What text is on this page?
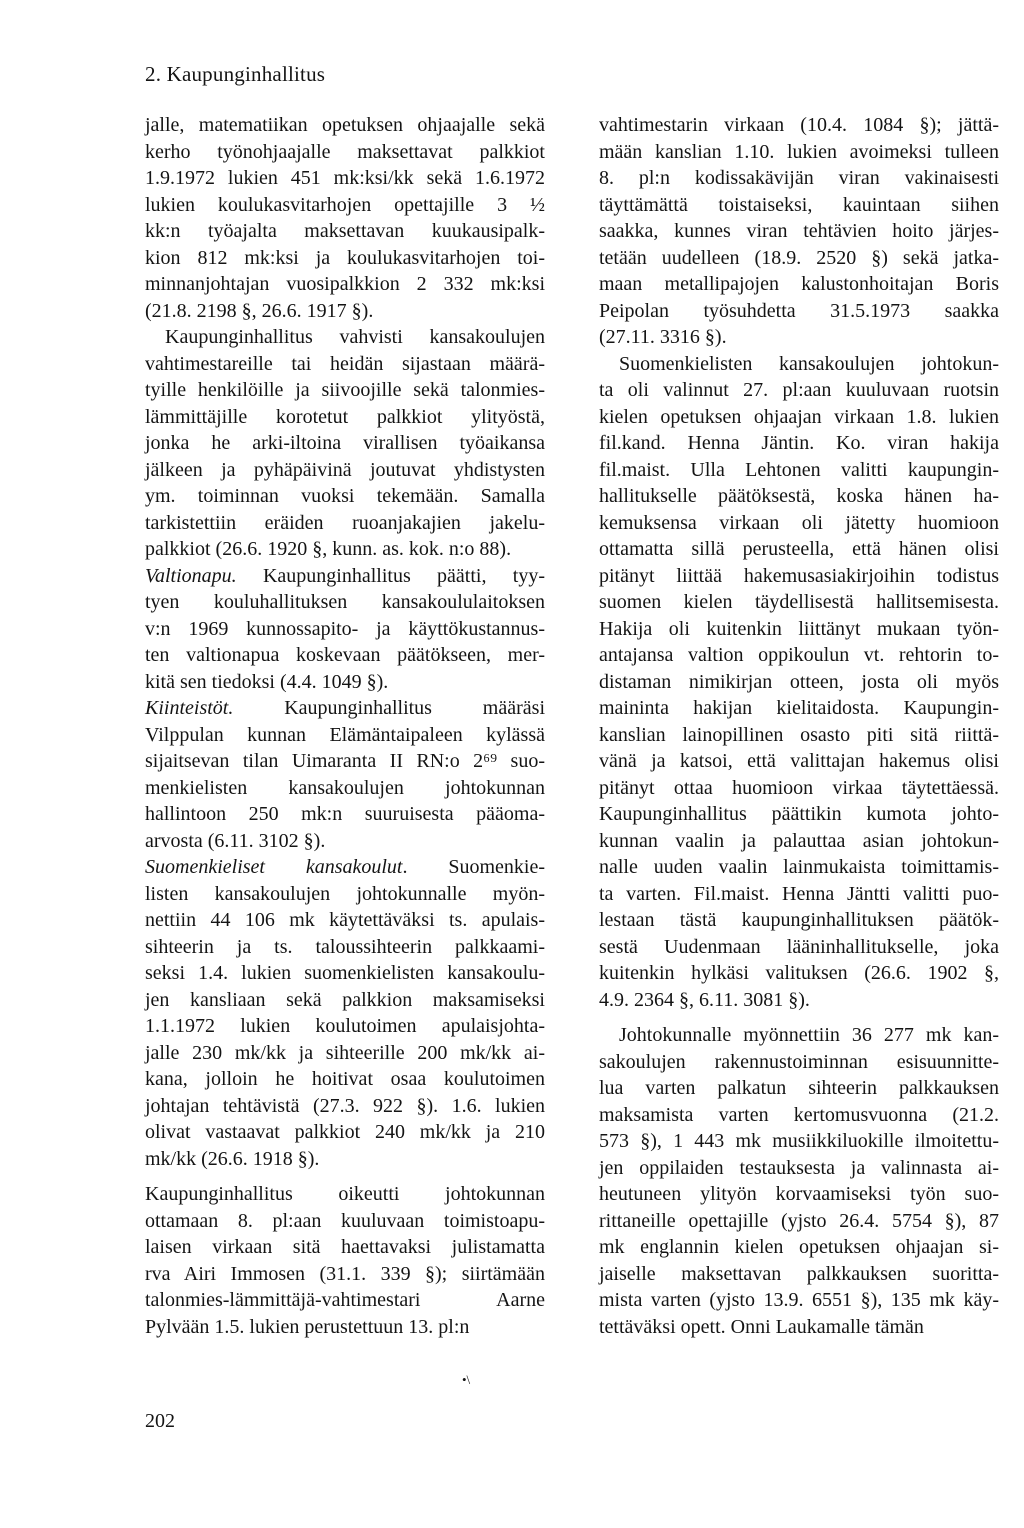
2. Kaupunginhallitus

jalle, matematiikan opetuksen ohjaajalle sekä
kerho työnohjaajalle maksettavat palkkiot
1.9.1972 lukien 451 mk:ksi/kk sekä 1.6.1972
lukien koulukasvitarhojen opettajille 3 ½
kk:n työajalta maksettavan kuukausipalk-
kion 812 mk:ksi ja koulukasvitarhojen toi-
minnanjohtajan vuosipalkkion 2 332 mk:ksi
(21.8. 2198 §, 26.6. 1917 §).

Kaupunginhallitus vahvisti kansakoulujen
vahtimestareille tai heidän sijastaan määrä-
tyille henkilöille ja siivoojille sekä talonmies-
lämmittäjille korotetut palkkiot ylityöstä,
jonka he arki-iltoina virallisen työaikansa
jälkeen ja pyhäpäivinä joutuvat yhdistysten
ym. toiminnan vuoksi tekemään. Samalla
tarkistettiin eräiden ruoanjakajien jakelu-
palkkiot (26.6. 1920 §, kunn. as. kok. n:o 88).

Valtionapu. Kaupunginhallitus päätti, tyy-
tyen kouluhallituksen kansakoululaitoksen
v:n 1969 kunnossapito- ja käyttökustannus-
ten valtionapua koskevaan päätökseen, mer-
kitä sen tiedoksi (4.4. 1049 §).

Kiinteistöt. Kaupunginhallitus määräsi
Vilppulan kunnan Elämäntaipaleen kylässä
sijaitsevan tilan Uimaranta II RN:o 2⁶⁹ suo-
menkielisten kansakoulujen johtokunnan
hallintoon 250 mk:n suuruisesta pääoma-
arvosta (6.11. 3102 §).

Suomenkieliset kansakoulut. Suomenkie-
listen kansakoulujen johtokunnalle myön-
nettiin 44 106 mk käytettäväksi ts. apulais-
sihteerin ja ts. taloussihteerin palkkaami-
seksi 1.4. lukien suomenkielisten kansakoulu-
jen kansliaan sekä palkkion maksamiseksi
1.1.1972 lukien koulutoimen apulaisjohta-
jalle 230 mk/kk ja sihteerille 200 mk/kk ai-
kana, jolloin he hoitivat osaa koulutoimen
johtajan tehtävistä (27.3. 922 §). 1.6. lukien
olivat vastaavat palkkiot 240 mk/kk ja 210
mk/kk (26.6. 1918 §).

Kaupunginhallitus oikeutti johtokunnan
ottamaan 8. pl:aan kuuluvaan toimistoapu-
laisen virkaan sitä haettavaksi julistamatta
rva Airi Immosen (31.1. 339 §); siirtämään
talonmies-lämmittäjä-vahtimestari Aarne
Pylvään 1.5. lukien perustettuun 13. pl:n

vahtimestarin virkaan (10.4. 1084 §); jättä-
mään kanslian 1.10. lukien avoimeksi tulleen
8. pl:n kodissakävijän viran vakinaisesti
täyttämättä toistaiseksi, kauintaan siihen
saakka, kunnes viran tehtävien hoito järjes-
tetään uudelleen (18.9. 2520 §) sekä jatka-
maan metallipajojen kalustonhoitajan Boris
Peipolan työsuhdetta 31.5.1973 saakka
(27.11. 3316 §).

Suomenkielisten kansakoulujen johtokun-
ta oli valinnut 27. pl:aan kuuluvaan ruotsin
kielen opetuksen ohjaajan virkaan 1.8. lukien
fil.kand. Henna Jäntin. Ko. viran hakija
fil.maist. Ulla Lehtonen valitti kaupungin-
hallitukselle päätöksestä, koska hänen ha-
kemuksensa virkaan oli jätetty huomioon
ottamatta sillä perusteella, että hänen olisi
pitänyt liittää hakemusasiakirjoihin todistus
suomen kielen täydellisestä hallitsemisesta.
Hakija oli kuitenkin liittänyt mukaan työn-
antajansa valtion oppikoulun vt. rehtorin to-
distaman nimikirjan otteen, josta oli myös
maininta hakijan kielitaidosta. Kaupungin-
kanslian lainopillinen osasto piti sitä riittä-
vänä ja katsoi, että valittajan hakemus olisi
pitänyt ottaa huomioon virkaa täytettäessä.
Kaupunginhallitus päättikin kumota johto-
kunnan vaalin ja palauttaa asian johtokun-
nalle uuden vaalin lainmukaista toimittamis-
ta varten. Fil.maist. Henna Jäntti valitti puo-
lestaan tästä kaupunginhallituksen päätök-
sestä Uudenmaan lääninhallitukselle, joka
kuitenkin hylkäsi valituksen (26.6. 1902 §,
4.9. 2364 §, 6.11. 3081 §).

Johtokunnalle myönnettiin 36 277 mk kan-
sakoulujen rakennustoiminnan esisuunnitte-
lua varten palkatun sihteerin palkkauksen
maksamista varten kertomusvuonna (21.2.
573 §), 1 443 mk musiikkiluokille ilmoitettu-
jen oppilaiden testauksesta ja valinnasta ai-
heutuneen ylityön korvaamiseksi työn suo-
rittaneille opettajille (yjsto 26.4. 5754 §), 87
mk englannin kielen opetuksen ohjaajan si-
jaiselle maksettavan palkkauksen suoritta-
mista varten (yjsto 13.9. 6551 §), 135 mk käy-
tettäväksi opett. Onni Laukamalle tämän

•\
202
